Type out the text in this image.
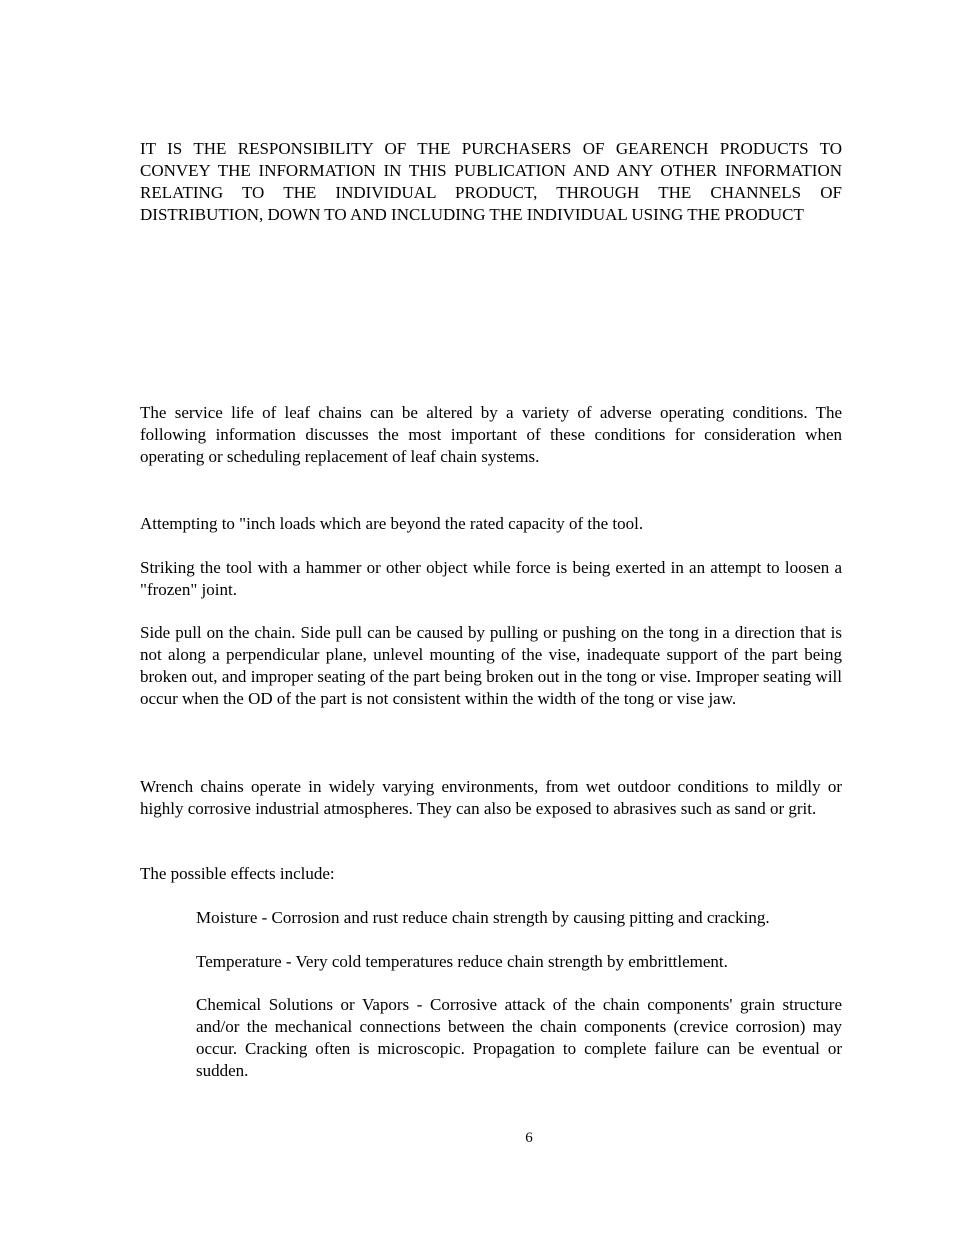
IT IS THE RESPONSIBILITY OF THE PURCHASERS OF GEARENCH PRODUCTS TO CONVEY THE INFORMATION IN THIS PUBLICATION AND ANY OTHER INFORMATION RELATING TO THE INDIVIDUAL PRODUCT, THROUGH THE CHANNELS OF DISTRIBUTION, DOWN TO AND INCLUDING THE INDIVIDUAL USING THE PRODUCT

The service life of leaf chains can be altered by a variety of adverse operating conditions. The following information discusses the most important of these conditions for consideration when operating or scheduling replacement of leaf chain systems.

Attempting to "inch loads which are beyond the rated capacity of the tool.

Striking the tool with a hammer or other object while force is being exerted in an attempt to loosen a "frozen" joint.

Side pull on the chain. Side pull can be caused by pulling or pushing on the tong in a direction that is not along a perpendicular plane, unlevel mounting of the vise, inadequate support of the part being broken out, and improper seating of the part being broken out in the tong or vise. Improper seating will occur when the OD of the part is not consistent within the width of the tong or vise jaw.

Wrench chains operate in widely varying environments, from wet outdoor conditions to mildly or highly corrosive industrial atmospheres. They can also be exposed to abrasives such as sand or grit.

The possible effects include:

Moisture - Corrosion and rust reduce chain strength by causing pitting and cracking.

Temperature - Very cold temperatures reduce chain strength by embrittlement.

Chemical Solutions or Vapors - Corrosive attack of the chain components' grain structure and/or the mechanical connections between the chain components (crevice corrosion) may occur. Cracking often is microscopic. Propagation to complete failure can be eventual or sudden.

6
